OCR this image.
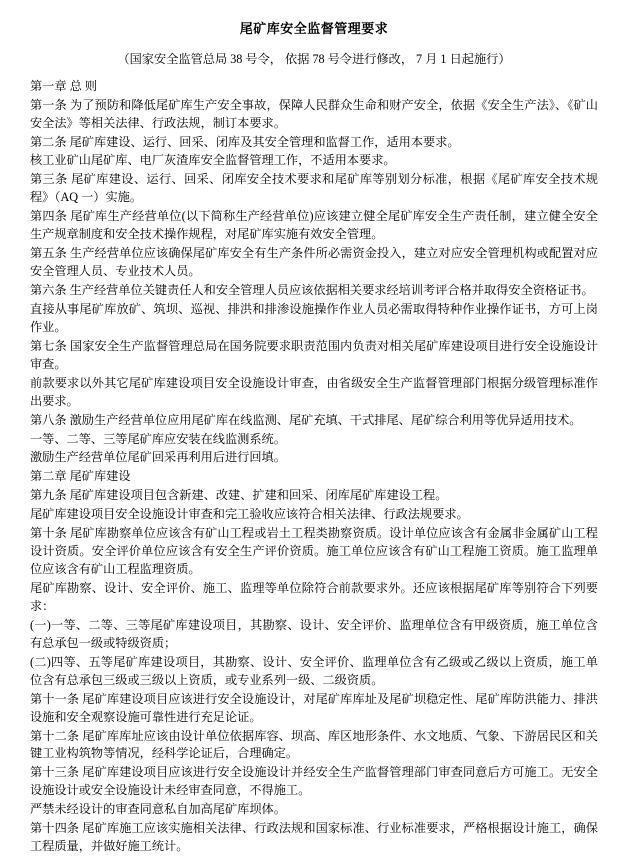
尾矿库安全监督管理要求
（国家安全监管总局 38 号令， 依据 78 号令进行修改， 7 月 1 日起施行）

第一章 总 则

第一条 为了预防和降低尾矿库生产安全事故，保障人民群众生命和财产安全，依据《安全生产法》、《矿山安全法》等相关法律、行政法规，制订本要求。

第二条 尾矿库建设、运行、回采、闭库及其安全管理和监督工作，适用本要求。

核工业矿山尾矿库、电厂灰渣库安全监督管理工作，不适用本要求。

第三条 尾矿库建设、运行、回采、闭库安全技术要求和尾矿库等别划分标准，根据《尾矿库安全技术规程》（AQ 一）实施。

第四条 尾矿库生产经营单位(以下简称生产经营单位)应该建立健全尾矿库安全生产责任制，建立健全安全生产规章制度和安全技术操作规程，对尾矿库实施有效安全管理。

第五条 生产经营单位应该确保尾矿库安全有生产条件所必需资金投入，建立对应安全管理机构或配置对应安全管理人员、专业技术人员。

第六条 生产经营单位关键责任人和安全管理人员应该依据相关要求经培训考评合格并取得安全资格证书。

直接从事尾矿库放矿、筑坝、巡视、排洪和排渗设施操作作业人员必需取得特种作业操作证书，方可上岗作业。

第七条 国家安全生产监督管理总局在国务院要求职责范围内负责对相关尾矿库建设项目进行安全设施设计审查。

前款要求以外其它尾矿库建设项目安全设施设计审查，由省级安全生产监督管理部门根据分级管理标准作出要求。

第八条 激励生产经营单位应用尾矿库在线监测、尾矿充填、干式排尾、尾矿综合利用等优异适用技术。

一等、二等、三等尾矿库应安装在线监测系统。

激励生产经营单位尾矿回采再利用后进行回填。

第二章 尾矿库建设

第九条 尾矿库建设项目包含新建、改建、扩建和回采、闭库尾矿库建设工程。

尾矿库建设项目安全设施设计审查和完工验收应该符合相关法律、行政法规要求。

第十条 尾矿库勘察单位应该含有矿山工程或岩土工程类勘察资质。设计单位应该含有金属非金属矿山工程设计资质。安全评价单位应该含有安全生产评价资质。施工单位应该含有矿山工程施工资质。施工监理单位应该含有矿山工程监理资质。

尾矿库勘察、设计、安全评价、施工、监理等单位除符合前款要求外。还应该根据尾矿库等别符合下列要求：

(一)一等、二等、三等尾矿库建设项目，其勘察、设计、安全评价、监理单位含有甲级资质，施工单位含有总承包一级或特级资质；

(二)四等、五等尾矿库建设项目，其勘察、设计、安全评价、监理单位含有乙级或乙级以上资质，施工单位含有总承包三级或三级以上资质，或专业系列一级、二级资质。

第十一条 尾矿库建设项目应该进行安全设施设计，对尾矿库库址及尾矿坝稳定性、尾矿库防洪能力、排洪设施和安全观察设施可靠性进行充足论证。

第十二条 尾矿库库址应该由设计单位依据库容、坝高、库区地形条件、水文地质、气象、下游居民区和关键工业构筑物等情况，经科学论证后，合理确定。

第十三条 尾矿库建设项目应该进行安全设施设计并经安全生产监督管理部门审查同意后方可施工。无安全设施设计或安全设施设计未经审查同意，不得施工。

严禁未经设计的审查同意私自加高尾矿库坝体。

第十四条 尾矿库施工应该实施相关法律、行政法规和国家标准、行业标准要求，严格根据设计施工，确保工程质量，并做好施工统计。
